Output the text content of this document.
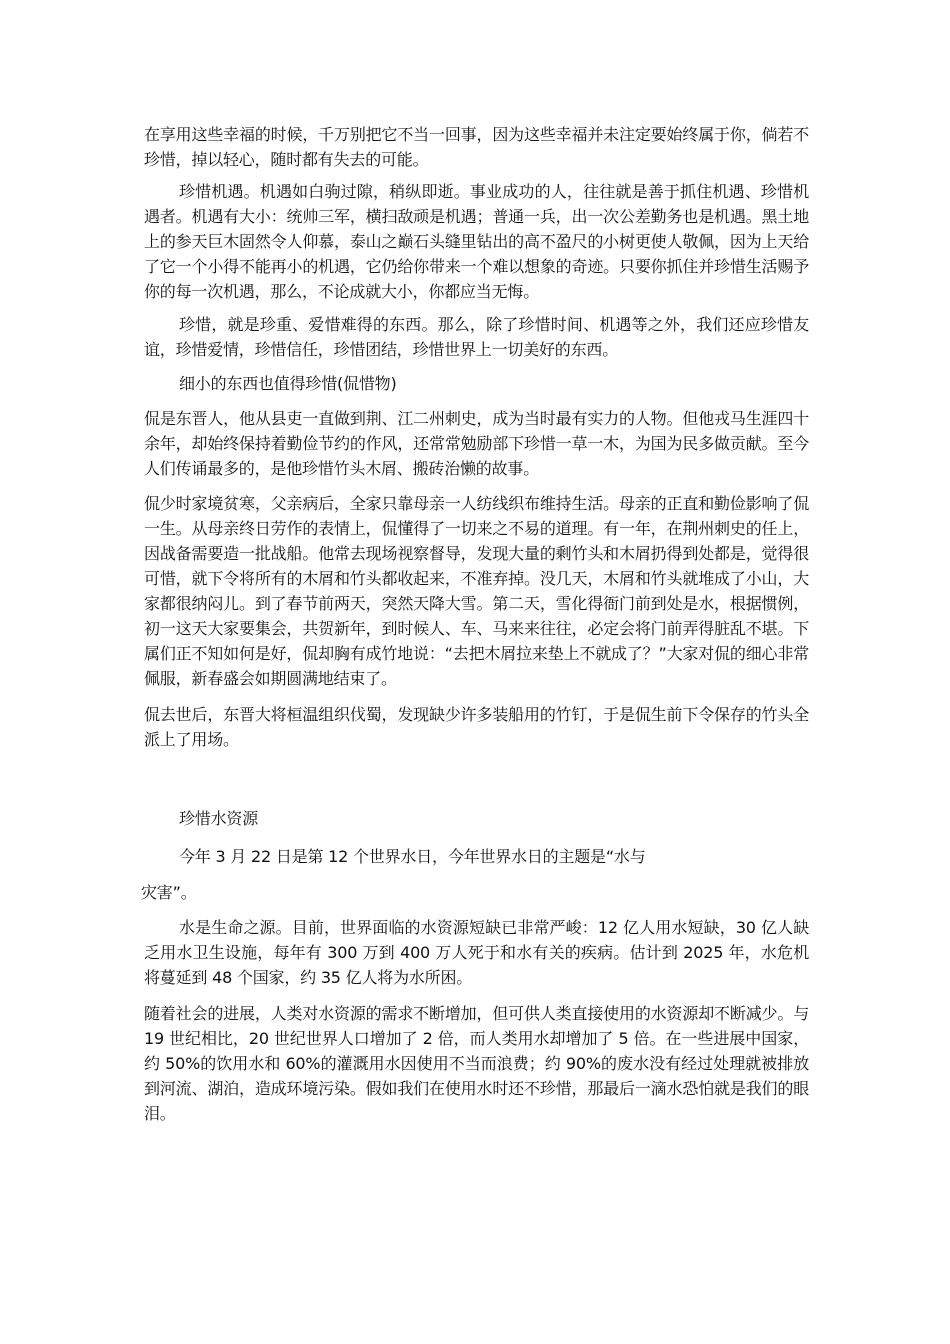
在享用这些幸福的时候，千万别把它不当一回事，因为这些幸福并未注定要始终属于你，倘若不珍惜，掉以轻心，随时都有失去的可能。

珍惜机遇。机遇如白驹过隙，稍纵即逝。事业成功的人，往往就是善于抓住机遇、珍惜机遇者。机遇有大小：统帅三军，横扫敌顽是机遇；普通一兵，出一次公差勤务也是机遇。黑土地上的参天巨木固然令人仰慕，泰山之巅石头缝里钻出的高不盈尺的小树更使人敬佩，因为上天给了它一个小得不能再小的机遇，它仍给你带来一个难以想象的奇迹。只要你抓住并珍惜生活赐予你的每一次机遇，那么，不论成就大小，你都应当无悔。

珍惜，就是珍重、爱惜难得的东西。那么，除了珍惜时间、机遇等之外，我们还应珍惜友谊，珍惜爱情，珍惜信任，珍惜团结，珍惜世界上一切美好的东西。

细小的东西也值得珍惜(侃惜物)

侃是东晋人，他从县吏一直做到荆、江二州刺史，成为当时最有实力的人物。但他戎马生涯四十余年，却始终保持着勤俭节约的作风，还常常勉励部下珍惜一草一木，为国为民多做贡献。至今人们传诵最多的，是他珍惜竹头木屑、搬砖治懒的故事。

侃少时家境贫寒，父亲病后，全家只靠母亲一人纺线织布维持生活。母亲的正直和勤俭影响了侃一生。从母亲终日劳作的表情上，侃懂得了一切来之不易的道理。有一年，在荆州刺史的任上，因战备需要造一批战船。他常去现场视察督导，发现大量的剩竹头和木屑扔得到处都是，觉得很可惜，就下令将所有的木屑和竹头都收起来，不准弃掉。没几天，木屑和竹头就堆成了小山，大家都很纳闷儿。到了春节前两天，突然天降大雪。第二天，雪化得衙门前到处是水，根据惯例，初一这天大家要集会，共贺新年，到时候人、车、马来来往往，必定会将门前弄得脏乱不堪。下属们正不知如何是好，侃却胸有成竹地说：“去把木屑拉来垫上不就成了？”大家对侃的细心非常佩服，新春盛会如期圆满地结束了。

侃去世后，东晋大将桓温组织伐蜀，发现缺少许多装船用的竹钉，于是侃生前下令保存的竹头全派上了用场。

珍惜水资源

今年 3 月 22 日是第 12 个世界水日，今年世界水日的主题是“水与

灾害”。

水是生命之源。目前，世界面临的水资源短缺已非常严峻：12 亿人用水短缺，30 亿人缺乏用水卫生设施，每年有 300 万到 400 万人死于和水有关的疾病。估计到 2025 年，水危机将蔓延到 48 个国家，约 35 亿人将为水所困。

随着社会的进展，人类对水资源的需求不断增加，但可供人类直接使用的水资源却不断减少。与 19 世纪相比，20 世纪世界人口增加了 2 倍，而人类用水却增加了 5 倍。在一些进展中国家，约 50%的饮用水和 60%的灌溉用水因使用不当而浪费；约 90%的废水没有经过处理就被排放到河流、湖泊，造成环境污染。假如我们在使用水时还不珍惜，那最后一滴水恐怕就是我们的眼泪。
